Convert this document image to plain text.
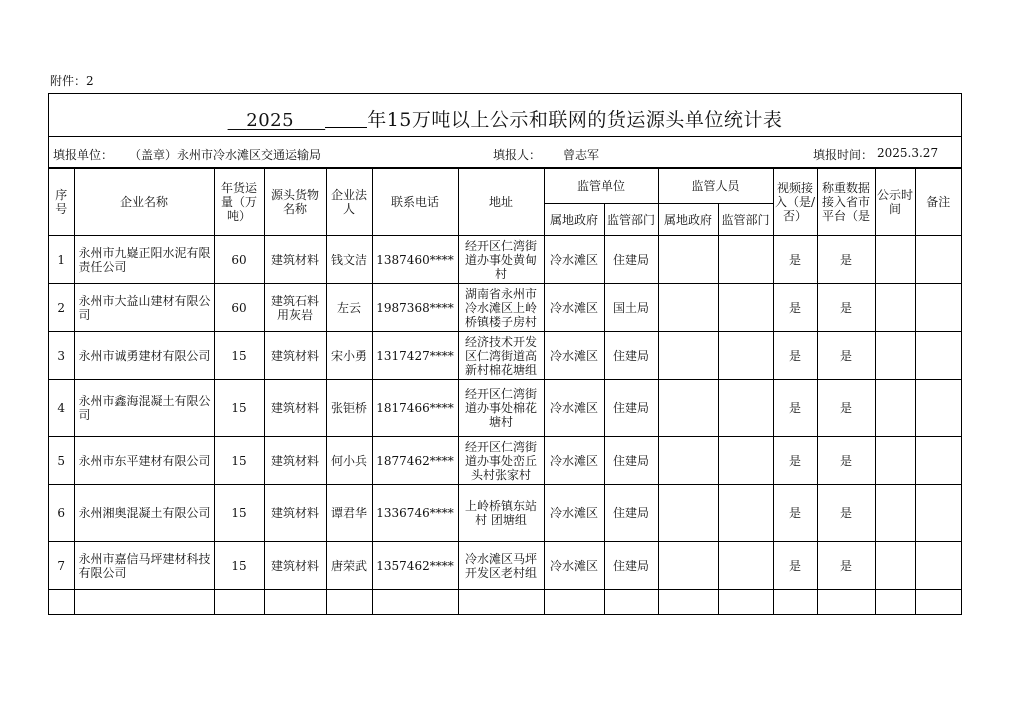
附件：2
2025	年15万吨以上公示和联网的货运源头单位统计表
填报单位： （盖章）永州市冷水滩区交通运输局	填报人： 曾志军	填报时间： 2025.3.27
序号	企业名称	年货运量（万吨）	源头货物名称	企业法人	联系电话	地址	监管单位		监管人员		视频接入（是/否）	称重数据接入省市平台（是	公示时间	备注
							属地政府	监管部门	属地政府	监管部门				
1	永州市九嶷正阳水泥有限责任公司	60	建筑材料	钱文洁	1387460****	经开区仁湾街道办事处黄甸村	冷水滩区	住建局			是	是		
2	永州市大益山建材有限公司	60	建筑石料用灰岩	左云	1987368****	湖南省永州市冷水滩区上岭桥镇楼子房村	冷水滩区	国土局			是	是		
3	永州市诚勇建材有限公司	15	建筑材料	宋小勇	1317427****	经济技术开发区仁湾街道高新村棉花塘组	冷水滩区	住建局			是	是		
4	永州市鑫海混凝土有限公司	15	建筑材料	张钜桥	1817466****	经开区仁湾街道办事处棉花塘村	冷水滩区	住建局			是	是		
5	永州市东平建材有限公司	15	建筑材料	何小兵	1877462****	经开区仁湾街道办事处峦丘头村张家村	冷水滩区	住建局			是	是		
6	永州湘奥混凝土有限公司	15	建筑材料	谭君华	1336746****	上岭桥镇东站村 团塘组	冷水滩区	住建局			是	是		
7	永州市嘉信马坪建材科技有限公司	15	建筑材料	唐荣武	1357462****	冷水滩区马坪开发区老村组	冷水滩区	住建局			是	是		
